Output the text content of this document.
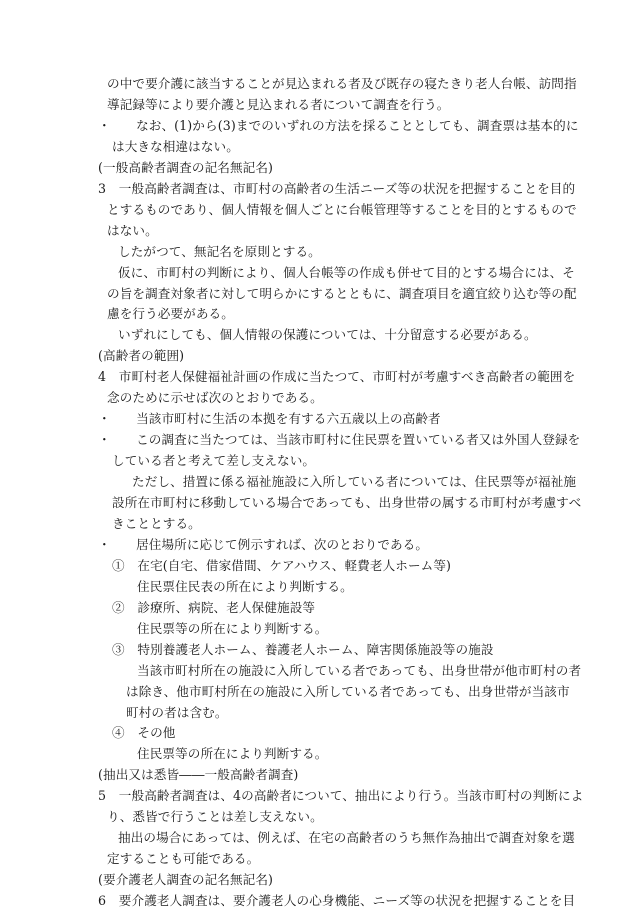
の中で要介護に該当することが見込まれる者及び既存の寝たきり老人台帳、訪問指
導記録等により要介護と見込まれる者について調査を行う。
・　　なお、(1)から(3)までのいずれの方法を採ることとしても、調査票は基本的に
は大きな相違はない。
(一般高齢者調査の記名無記名)
3　一般高齢者調査は、市町村の高齢者の生活ニーズ等の状況を把握することを目的
とするものであり、個人情報を個人ごとに台帳管理等することを目的とするもので
はない。
したがつて、無記名を原則とする。
仮に、市町村の判断により、個人台帳等の作成も併せて目的とする場合には、そ
の旨を調査対象者に対して明らかにするとともに、調査項目を適宜絞り込む等の配
慮を行う必要がある。
いずれにしても、個人情報の保護については、十分留意する必要がある。
(高齢者の範囲)
4　市町村老人保健福祉計画の作成に当たつて、市町村が考慮すべき高齢者の範囲を
念のために示せば次のとおりである。
・　　当該市町村に生活の本拠を有する六五歳以上の高齢者
・　　この調査に当たつては、当該市町村に住民票を置いている者又は外国人登録を
している者と考えて差し支えない。
ただし、措置に係る福祉施設に入所している者については、住民票等が福祉施
設所在市町村に移動している場合であっても、出身世帯の属する市町村が考慮すべ
きこととする。
・　　居住場所に応じて例示すれば、次のとおりである。
①　在宅(自宅、借家借間、ケアハウス、軽費老人ホーム等)
住民票住民表の所在により判断する。
②　診療所、病院、老人保健施設等
住民票等の所在により判断する。
③　特別養護老人ホーム、養護老人ホーム、障害関係施設等の施設
当該市町村所在の施設に入所している者であっても、出身世帯が他市町村の者
は除き、他市町村所在の施設に入所している者であっても、出身世帯が当該市
町村の者は含む。
④　その他
住民票等の所在により判断する。
(抽出又は悉皆――一般高齢者調査)
5　一般高齢者調査は、4の高齢者について、抽出により行う。当該市町村の判断によ
り、悉皆で行うことは差し支えない。
抽出の場合にあっては、例えば、在宅の高齢者のうち無作為抽出で調査対象を選
定することも可能である。
(要介護老人調査の記名無記名)
6　要介護老人調査は、要介護老人の心身機能、ニーズ等の状況を把握することを目
